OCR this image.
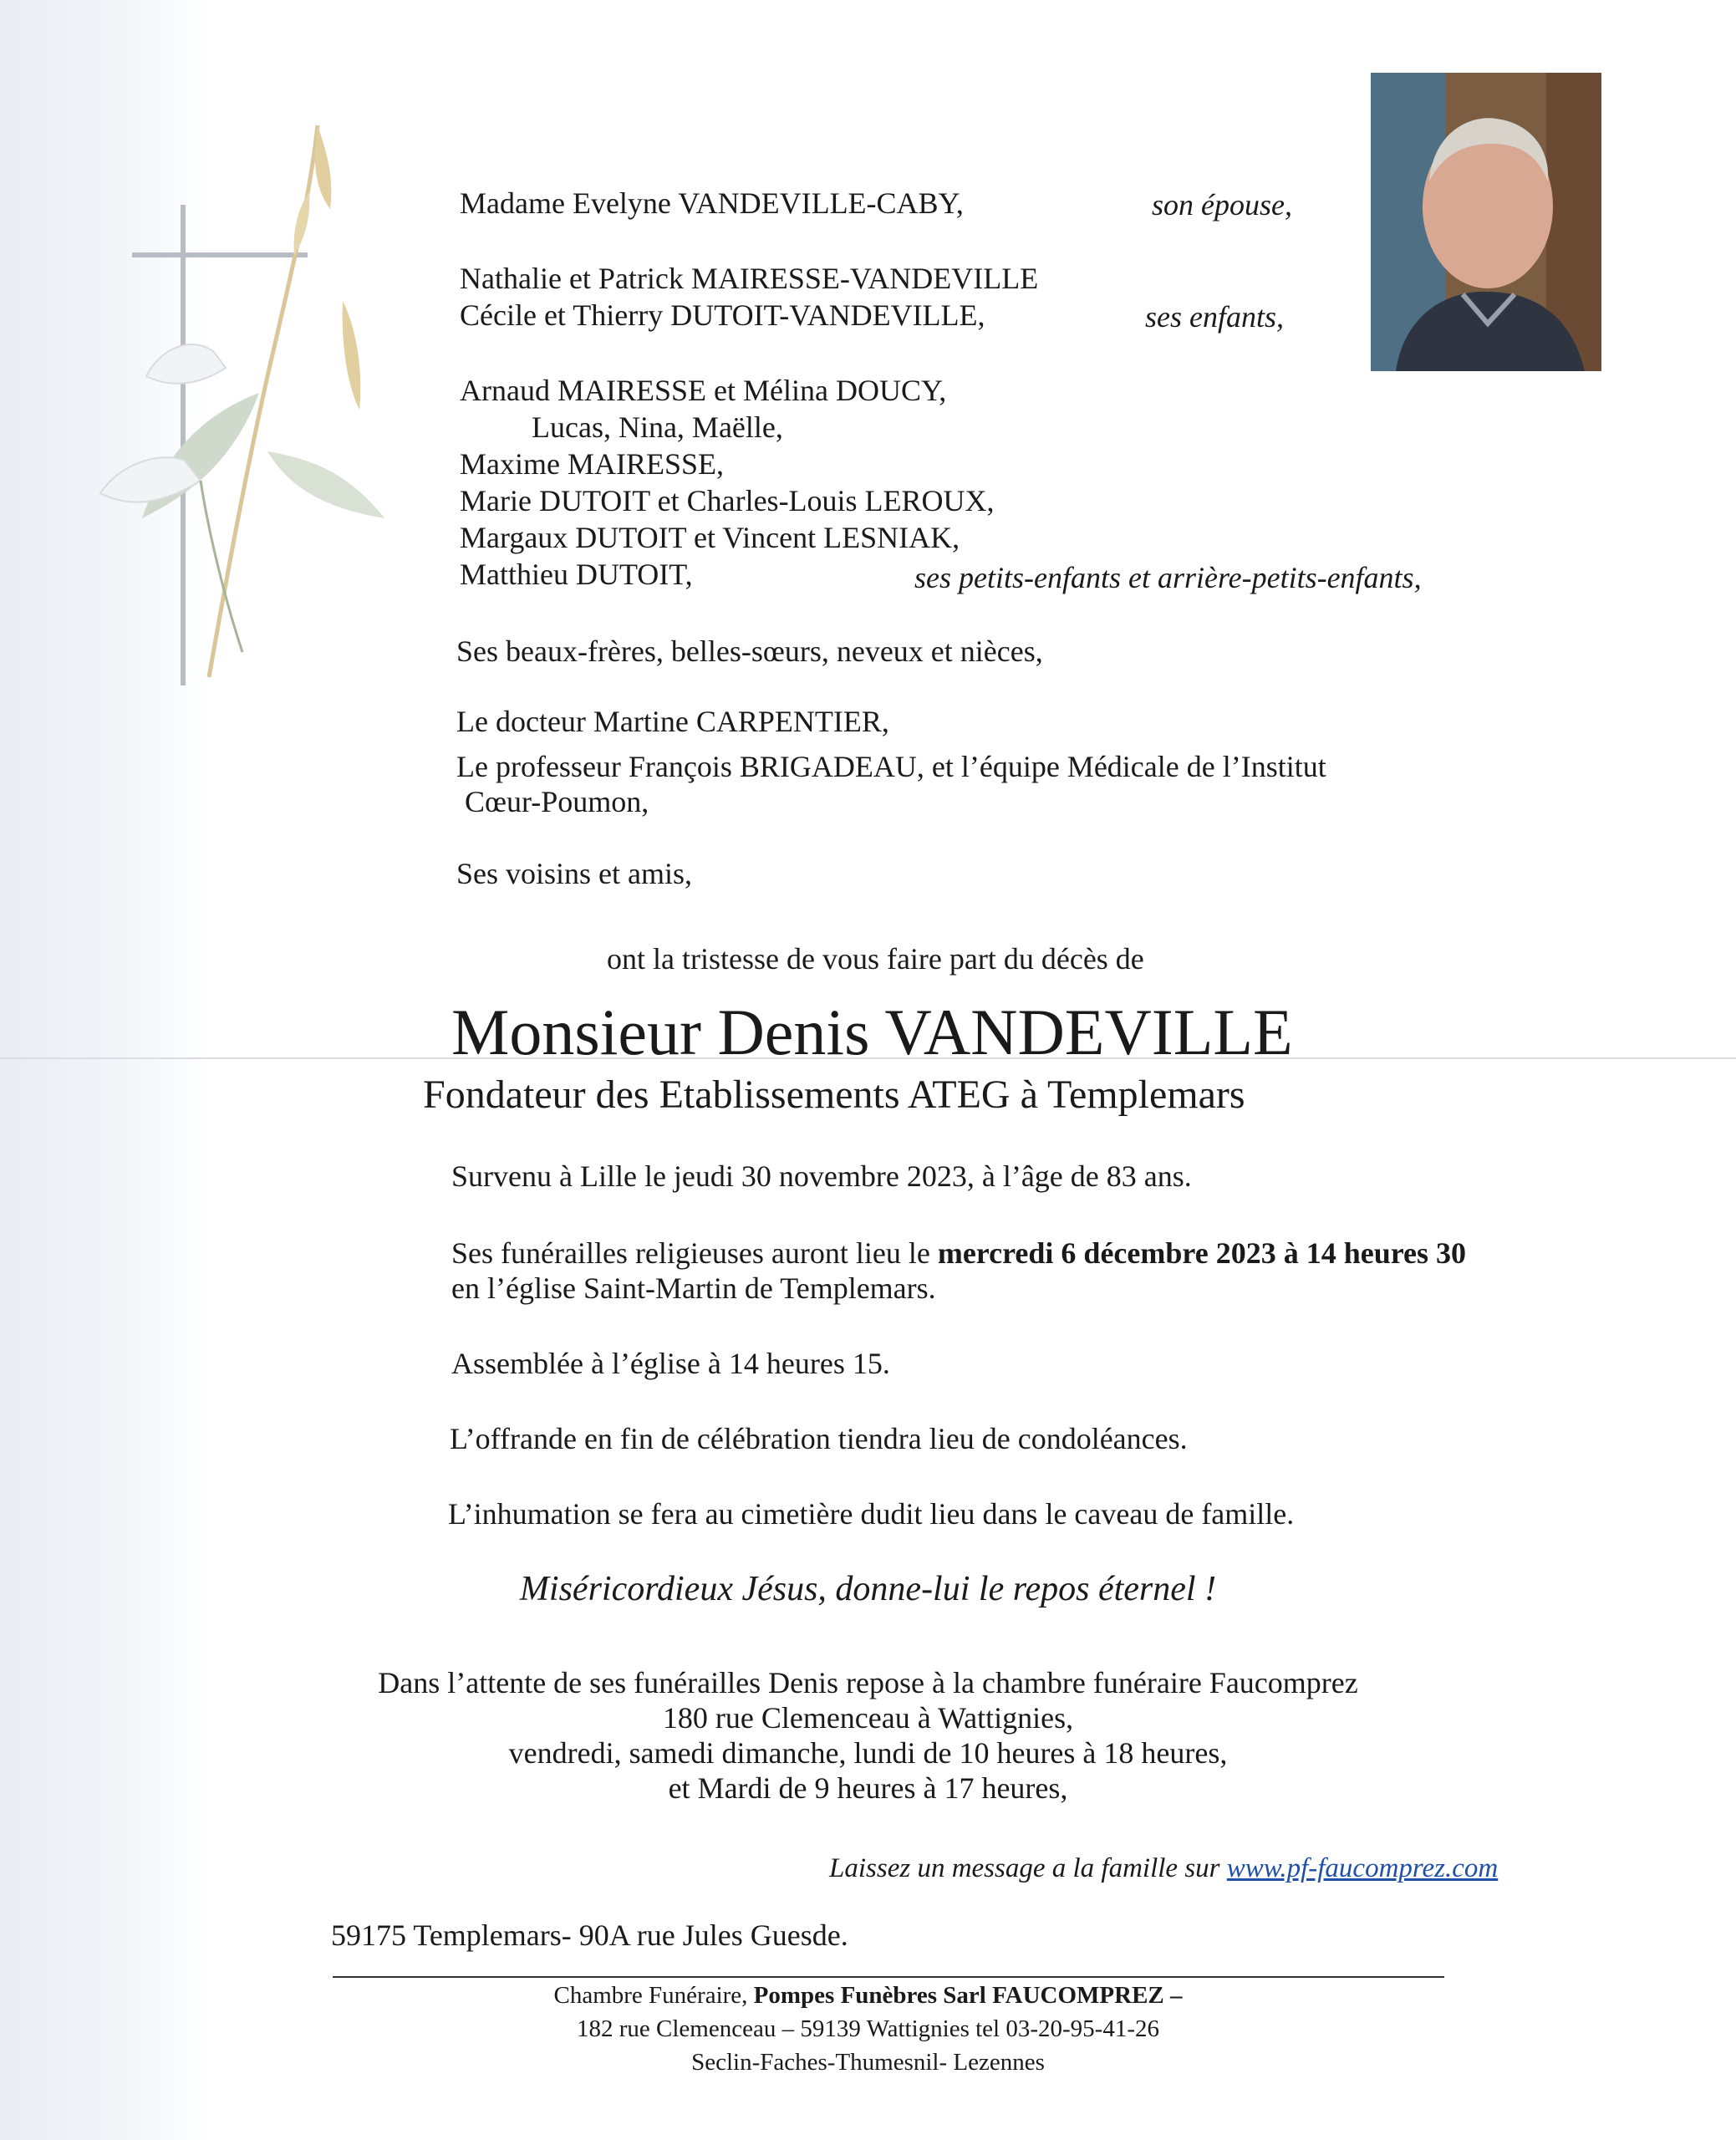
Madame Evelyne VANDEVILLE-CABY,	son épouse,

Nathalie et Patrick MAIRESSE-VANDEVILLE

Cécile et Thierry DUTOIT-VANDEVILLE,	ses enfants,

Arnaud MAIRESSE et Mélina DOUCY,

Lucas, Nina, Maëlle,

Maxime MAIRESSE,

Marie DUTOIT et Charles-Louis LEROUX,

Margaux DUTOIT et Vincent LESNIAK,

Matthieu DUTOIT,	ses petits-enfants et arrière-petits-enfants,

Ses beaux-frères, belles-sœurs, neveux et nièces,

Le docteur Martine CARPENTIER,

Le professeur François BRIGADEAU, et l’équipe Médicale de l’Institut

Cœur-Poumon,

Ses voisins et amis,

ont la tristesse de vous faire part du décès de

Monsieur Denis VANDEVILLE
Fondateur des Etablissements ATEG à Templemars

Survenu à Lille le jeudi 30 novembre 2023, à l’âge de 83 ans.

Ses funérailles religieuses auront lieu le mercredi 6 décembre 2023 à 14 heures 30

en l’église Saint-Martin de Templemars.

Assemblée à l’église à 14 heures 15.

L’offrande en fin de célébration tiendra lieu de condoléances.

L’inhumation se fera au cimetière dudit lieu dans le caveau de famille.

Miséricordieux Jésus, donne-lui le repos éternel !

Dans l’attente de ses funérailles Denis repose à la chambre funéraire Faucomprez

180 rue Clemenceau à Wattignies,

vendredi, samedi dimanche, lundi de 10 heures à 18 heures,

et Mardi de 9 heures à 17 heures,

Laissez un message a la famille sur www.pf-faucomprez.com

59175 Templemars- 90A rue Jules Guesde.

Chambre Funéraire, Pompes Funèbres Sarl FAUCOMPREZ –
182 rue Clemenceau – 59139 Wattignies tel 03-20-95-41-26
Seclin-Faches-Thumesnil- Lezennes
